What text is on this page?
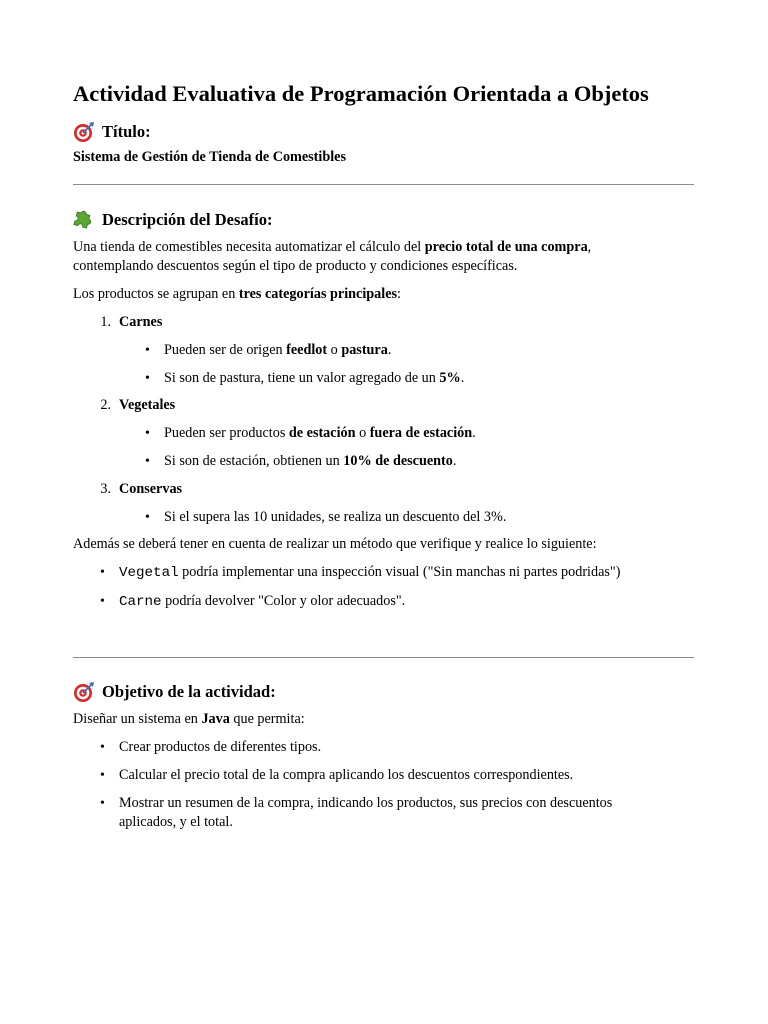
Actividad Evaluativa de Programación Orientada a Objetos
Título:

Sistema de Gestión de Tienda de Comestibles

Descripción del Desafío:

Una tienda de comestibles necesita automatizar el cálculo del precio total de una compra,
contemplando descuentos según el tipo de producto y condiciones específicas.

Los productos se agrupan en tres categorías principales:

1. Carnes
• Pueden ser de origen feedlot o pastura.
• Si son de pastura, tiene un valor agregado de un 5%.
2. Vegetales
• Pueden ser productos de estación o fuera de estación.
• Si son de estación, obtienen un 10% de descuento.
3. Conservas
• Si el supera las 10 unidades, se realiza un descuento del 3%.

Además se deberá tener en cuenta de realizar un método que verifique y realice lo siguiente:

• Vegetal podría implementar una inspección visual ("Sin manchas ni partes podridas")
• Carne podría devolver "Color y olor adecuados".
Objetivo de la actividad:

Diseñar un sistema en Java que permita:

• Crear productos de diferentes tipos.
• Calcular el precio total de la compra aplicando los descuentos correspondientes.
• Mostrar un resumen de la compra, indicando los productos, sus precios con descuentos
aplicados, y el total.
